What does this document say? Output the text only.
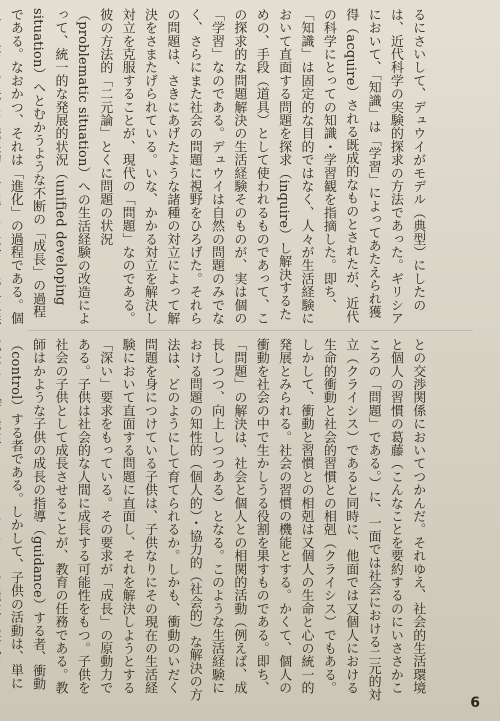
るにさいして、デュウイがモデル（典型）にしたのは、近代科学の実験的探求の方法であった。ギリシアにおいて、「知識」は「学習」によってあたえられ獲得（acquire）される既成的なものとされたが、近代の科学にとっての知識・学習観を指摘した。即ち、「知識」は固定的な目的ではなく、人々が生活経験において直面する問題を探求（inquire）し解決するための、手段（道具）として使われるものであって、この探求的な問題解決の生活経験そのものが、実は個の「学習」なのである。デュウイは自然の問題のみでなく、さらにまた社会の問題に視野をひろげた。それらの問題は、さきにあげたような諸種の対立によって解決をさまたげられている。いな、かかる対立を解決し対立を克服することが、現代の「問題」なのである。彼の方法的「二元論」とくに問題の状況（problematic situation）への生活経験の改造によって、統一的な発展的状況（unified developing situation）へとむかうような不断の「成長」の過程である。なおかつ、それは「進化」の過程である。個

との交渉関係においてつかんだ。それゆえ、社会的生活環境と個人の習慣の葛藤（こんなことを要約するのにいささかこころの「問題」である。）に、一面では社会における二元的対立（クライシス）であると同時に、他面では又個人における生命的衝動と社会的習慣との相剋（クライシス）でもある。しかして、衝動と習慣との相剋は又個人の生命と心の統一的発展とみられる。社会の習慣の機能とする。かくて、個人の衝動を社会の中で生かしうる役割を果すものである。即ち、「問題」の解決は、社会と個人との相関的活動（例えば、成長しつつ、向上しつつある）となる。このような生活経験における問題の知性的（個人的）・協力的（社会的）な解決の方法は、どのようにして育てられるか。しかも、衝動のいだく問題を身につけている子供は、子供なりにその現在の生活経験において直面する問題に直面し、それを解決しようとする「深い」要求をもっている。その要求が「成長」の原動力である。子供は社会的な人間に成長する可能性をもつ。子供を社会の子供として成長させることが、教育の任務である。教師はかような子供の成長の指導（guidance）する者、衝動（control）する者である。しかして、子供の活動は、単に

6
